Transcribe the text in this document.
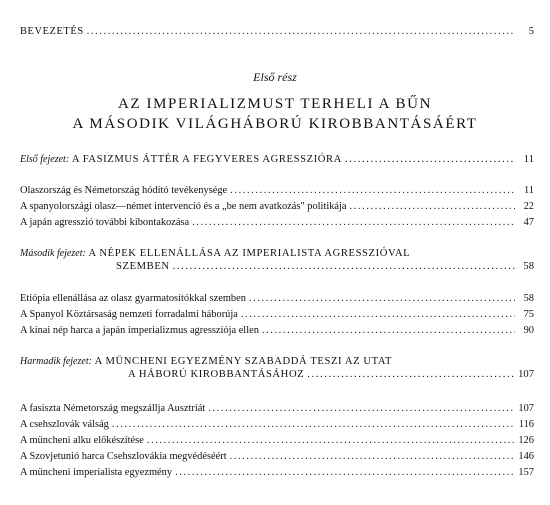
BEVEZETÉS .....	5
Első rész
AZ IMPERIALIZMUST TERHELI A BŰN
A MÁSODIK VILÁGHÁBORÚ KIROBBANTÁSÁÉRT
Első fejezet:
A FASIZMUS ÁTTÉR A FEGYVERES AGRESSZIÓRA .....	11
Olaszország és Németország hódító tevékenysége .....	11
A spanyolországi olasz—német intervenció és a „be nem avatkozás" politikája .....	22
A japán agresszió további kibontakozása .....	47
Második fejezet:
A NÉPEK ELLENÁLLÁSA AZ IMPERIALISTA AGRESSZIÓVAL
SZEMBEN .....	58
Etiópia ellenállása az olasz gyarmatosítókkal szemben .....	58
A Spanyol Köztársaság nemzeti forradalmi háborúja .....	75
A kínai nép harca a japán imperializmus agressziója ellen .....	90
Harmadik fejezet:
A MÜNCHENI EGYEZMÉNY SZABADDÁ TESZI AZ UTAT
A HÁBORÚ KIROBBANTÁSÁHOZ .....	107
A fasiszta Németország megszállja Ausztriát .....	107
A csehszlovák válság .....	116
A müncheni alku előkészítése .....	126
A Szovjetunió harca Csehszlovákia megvédéséért .....	146
A müncheni imperialista egyezmény .....	157
